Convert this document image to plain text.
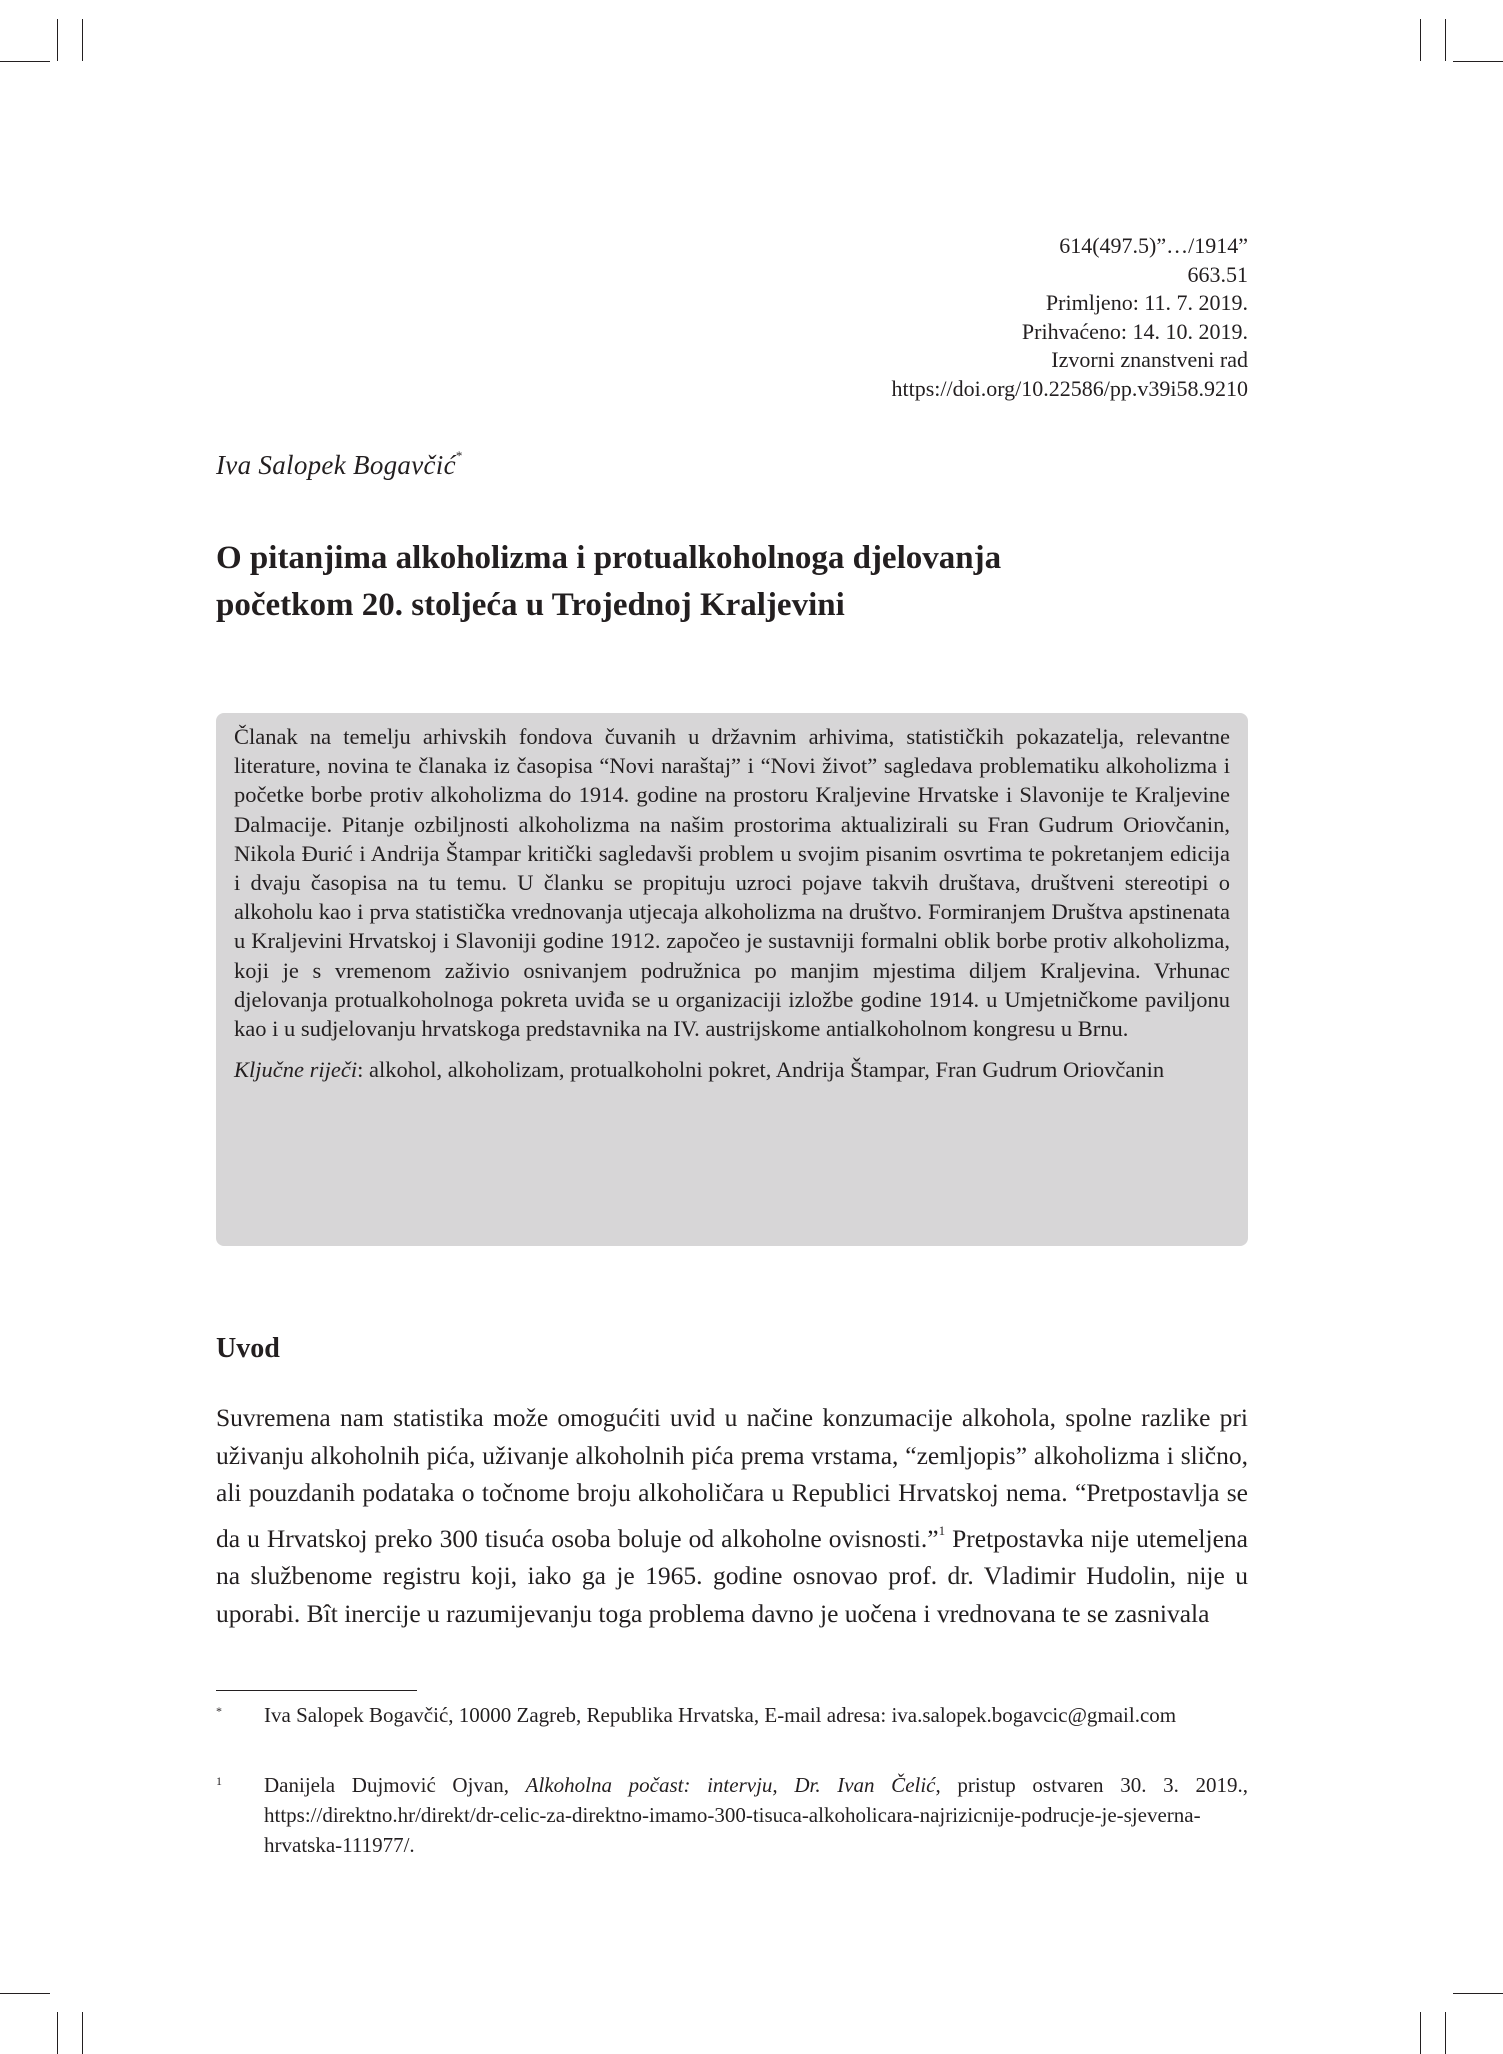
614(497.5)”…/1914”
663.51
Primljeno: 11. 7. 2019.
Prihvaćeno: 14. 10. 2019.
Izvorni znanstveni rad
https://doi.org/10.22586/pp.v39i58.9210
Iva Salopek Bogavčić*
O pitanjima alkoholizma i protualkoholnoga djelovanja
početkom 20. stoljeća u Trojednoj Kraljevini

Članak na temelju arhivskih fondova čuvanih u državnim arhivima, statističkih pokazatelja, relevantne literature, novina te članaka iz časopisa “Novi naraštaj” i “Novi život” sagledava problematiku alkoholizma i početke borbe protiv alkoholizma do 1914. godine na prostoru Kraljevine Hrvatske i Slavonije te Kraljevine Dalmacije. Pitanje ozbiljnosti alkoholizma na našim prostorima aktualizirali su Fran Gudrum Oriovčanin, Nikola Đurić i Andrija Štampar kritički sagledavši problem u svojim pisanim osvrtima te pokretanjem edicija i dvaju časopisa na tu temu. U članku se propituju uzroci pojave takvih društava, društveni stereotipi o alkoholu kao i prva statistička vrednovanja utjecaja alkoholizma na društvo. Formiranjem Društva apstinenata u Kraljevini Hrvatskoj i Slavoniji godine 1912. započeo je sustavniji formalni oblik borbe protiv alkoholizma, koji je s vremenom zaživio osnivanjem podružnica po manjim mjestima diljem Kraljevina. Vrhunac djelovanja protualkoholnoga pokreta uviđa se u organizaciji izložbe godine 1914. u Umjetničkome paviljonu kao i u sudjelovanju hrvatskoga predstavnika na IV. austrijskome antialkoholnom kongresu u Brnu.

Ključne riječi: alkohol, alkoholizam, protualkoholni pokret, Andrija Štampar, Fran Gudrum Oriovčanin

Uvod

Suvremena nam statistika može omogućiti uvid u načine konzumacije alkohola, spolne razlike pri uživanju alkoholnih pića, uživanje alkoholnih pića prema vrstama, “zemljopis” alkoholizma i slično, ali pouzdanih podataka o točnome broju alkoholičara u Republici Hrvatskoj nema. “Pretpostavlja se da u Hrvatskoj preko 300 tisuća osoba boluje od alkoholne ovisnosti.”$^1$ Pretpostavka nije utemeljena na službenome registru koji, iako ga je 1965. godine osnovao prof. dr. Vladimir Hudolin, nije u uporabi. Bît inercije u razumijevanju toga problema davno je uočena i vrednovana te se zasnivala

* Iva Salopek Bogavčić, 10000 Zagreb, Republika Hrvatska, E-mail adresa: iva.salopek.bogavcic@gmail.com
1 Danijela Dujmović Ojvan, Alkoholna počast: intervju, Dr. Ivan Čelić, pristup ostvaren 30. 3. 2019., https://direktno.hr/direkt/dr-celic-za-direktno-imamo-300-tisuca-alkoholicara-najrizicnije-podrucje-je-sjeverna-hrvatska-111977/.
